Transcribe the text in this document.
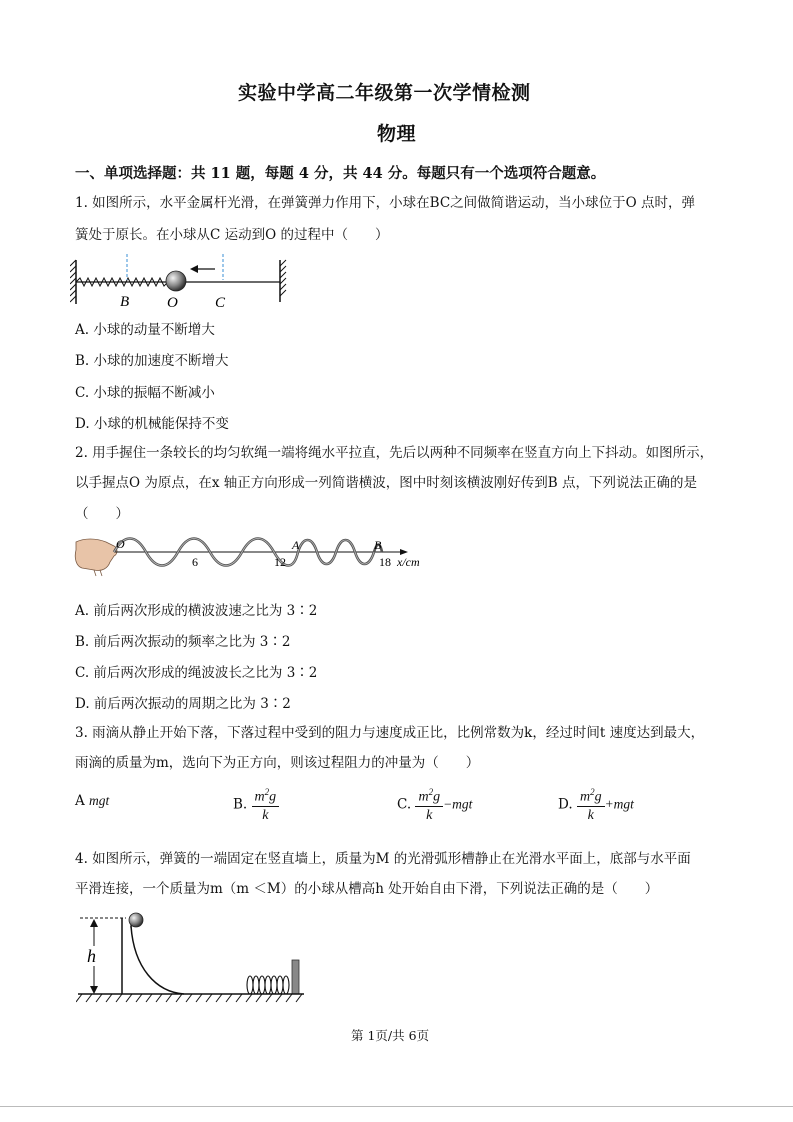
实验中学高二年级第一次学情检测
物理
一、单项选择题：共 11 题，每题 4 分，共 44 分。每题只有一个选项符合题意。
1. 如图所示，水平金属杆光滑，在弹簧弹力作用下，小球在BC之间做简谐运动，当小球位于O 点时，弹
簧处于原长。在小球从C 运动到O 的过程中（　　）
B	O C
A. 小球的动量不断增大
B. 小球的加速度不断增大
C. 小球的振幅不断减小
D. 小球的机械能保持不变
2. 用手握住一条较长的均匀软绳一端将绳水平拉直，先后以两种不同频率在竖直方向上下抖动。如图所示，
以手握点O 为原点，在x 轴正方向形成一列简谐横波，图中时刻该横波刚好传到B 点，下列说法正确的是
（　　）
O	A	B
6	12	18 x/cm
A. 前后两次形成的横波波速之比为 3∶2
B. 前后两次振动的频率之比为 3∶2
C. 前后两次形成的绳波波长之比为 3∶2
D. 前后两次振动的周期之比为 3∶2
3. 雨滴从静止开始下落，下落过程中受到的阻力与速度成正比，比例常数为k，经过时间t 速度达到最大，
雨滴的质量为m，选向下为正方向，则该过程阻力的冲量为（　　）
A mgt	B. $\frac{m^2g}{k}$	C. $\frac{m^2g}{k} -mgt$	D. $\frac{m^2g}{k} +mgt$
4. 如图所示，弹簧的一端固定在竖直墙上，质量为M 的光滑弧形槽静止在光滑水平面上，底部与水平面
平滑连接，一个质量为m（m ＜M）的小球从槽高h 处开始自由下滑，下列说法正确的是（　　）
h
第 1页/共 6页
